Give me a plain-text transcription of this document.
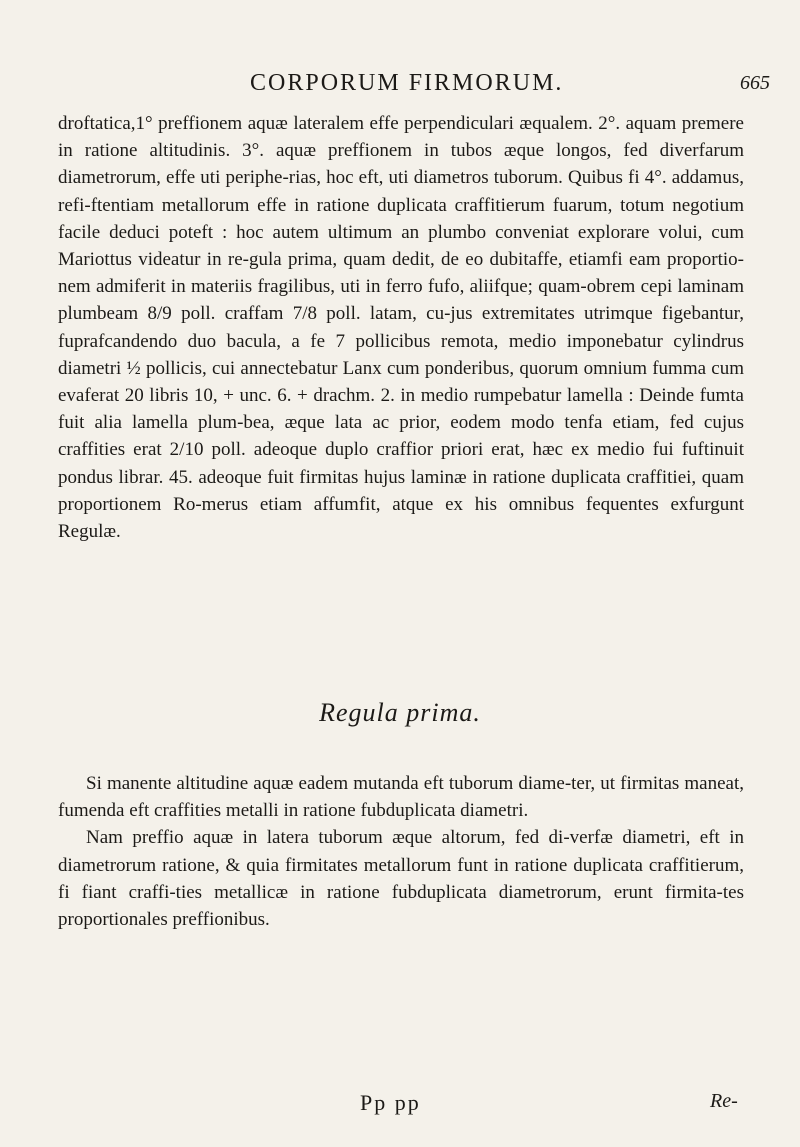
CORPORUM FIRMORUM.	665

droftatica,1° preffionem aquæ lateralem effe perpendiculari æqualem. 2°. aquam premere in ratione altitudinis. 3°. aquæ preffionem in tubos æque longos, fed diverfarum diametrorum, effe uti periphe-rias, hoc eft, uti diametros tuborum. Quibus fi 4°. addamus, refi-ftentiam metallorum effe in ratione duplicata craffitierum fuarum, totum negotium facile deduci poteft : hoc autem ultimum an plumbo conveniat explorare volui, cum Mariottus videatur in re-gula prima, quam dedit, de eo dubitaffe, etiamfi eam proportio-nem admiferit in materiis fragilibus, uti in ferro fufo, aliifque; quam-obrem cepi laminam plumbeam 8/9 poll. craffam 7/8 poll. latam, cu-jus extremitates utrimque figebantur, fuprafcandendo duo bacula, a fe 7 pollicibus remota, medio imponebatur cylindrus diametri ½ pollicis, cui annectebatur Lanx cum ponderibus, quorum omnium fumma cum evaferat 20 libris 10, + unc. 6. + drachm. 2. in medio rumpebatur lamella : Deinde fumta fuit alia lamella plum-bea, æque lata ac prior, eodem modo tenfa etiam, fed cujus craffities erat 2/10 poll. adeoque duplo craffior priori erat, hæc ex medio fui fuftinuit pondus librar. 45. adeoque fuit firmitas hujus laminæ in ratione duplicata craffitiei, quam proportionem Ro-merus etiam affumfit, atque ex his omnibus fequentes exfurgunt Regulæ.

Regula prima.

Si manente altitudine aquæ eadem mutanda eft tuborum diame-ter, ut firmitas maneat, fumenda eft craffities metalli in ratione fubduplicata diametri.

Nam preffio aquæ in latera tuborum æque altorum, fed di-verfæ diametri, eft in diametrorum ratione, & quia firmitates metallorum funt in ratione duplicata craffitierum, fi fiant craffi-ties metallicæ in ratione fubduplicata diametrorum, erunt firmita-tes proportionales preffionibus.

Pp pp	Re-
